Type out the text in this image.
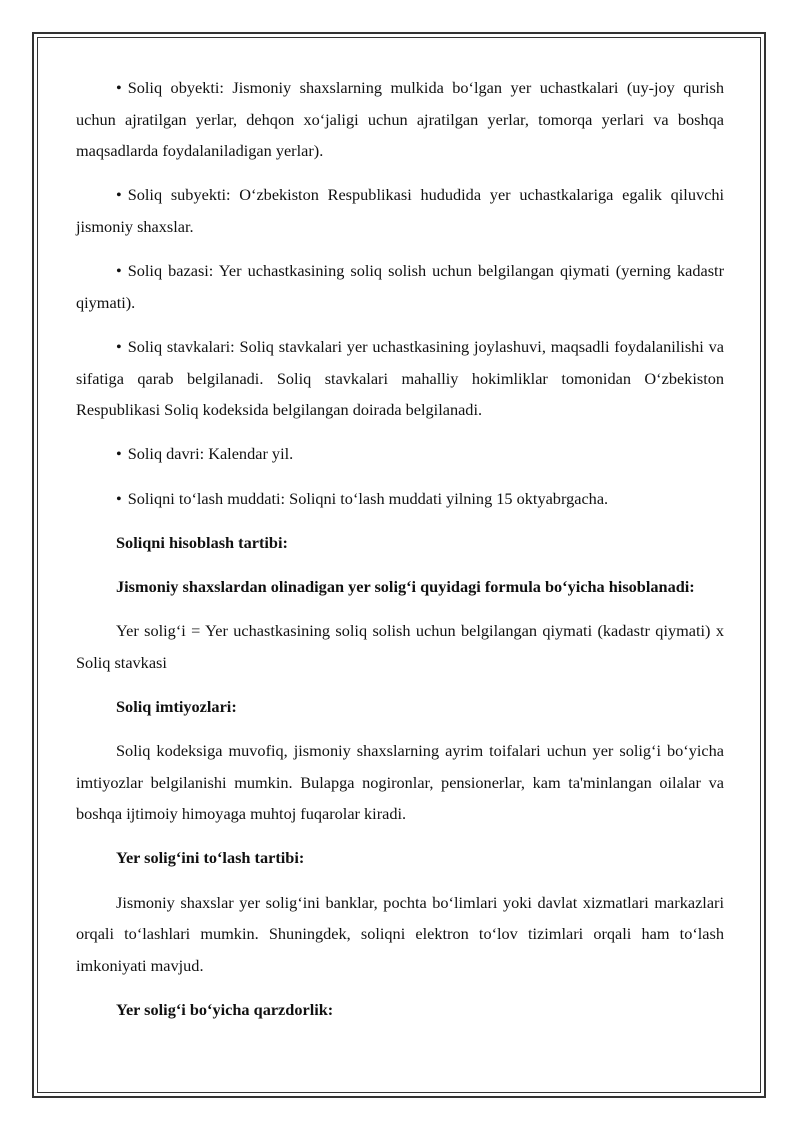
• Soliq obyekti: Jismoniy shaxslarning mulkida bo‘lgan yer uchastkalari (uy-joy qurish uchun ajratilgan yerlar, dehqon xo‘jaligi uchun ajratilgan yerlar, tomorqa yerlari va boshqa maqsadlarda foydalaniladigan yerlar).

• Soliq subyekti: O‘zbekiston Respublikasi hududida yer uchastkalariga egalik qiluvchi jismoniy shaxslar.

• Soliq bazasi: Yer uchastkasining soliq solish uchun belgilangan qiymati (yerning kadastr qiymati).

• Soliq stavkalari: Soliq stavkalari yer uchastkasining joylashuvi, maqsadli foydalanilishi va sifatiga qarab belgilanadi. Soliq stavkalari mahalliy hokimliklar tomonidan O‘zbekiston Respublikasi Soliq kodeksida belgilangan doirada belgilanadi.

• Soliq davri: Kalendar yil.

• Soliqni to‘lash muddati: Soliqni to‘lash muddati yilning 15 oktyabrgacha.

Soliqni hisoblash tartibi:

Jismoniy shaxslardan olinadigan yer solig‘i quyidagi formula bo‘yicha hisoblanadi:

Yer solig‘i = Yer uchastkasining soliq solish uchun belgilangan qiymati (kadastr qiymati) x Soliq stavkasi

Soliq imtiyozlari:

Soliq kodeksiga muvofiq, jismoniy shaxslarning ayrim toifalari uchun yer solig‘i bo‘yicha imtiyozlar belgilanishi mumkin. Bulарga nogironlar, pensionerlar, kam ta'minlangan oilalar va boshqa ijtimoiy himoyaga muhtoj fuqarolar kiradi.

Yer solig‘ini to‘lash tartibi:

Jismoniy shaxslar yer solig‘ini banklar, pochta bo‘limlari yoki davlat xizmatlari markazlari orqali to‘lashlari mumkin. Shuningdek, soliqni elektron to‘lov tizimlari orqali ham to‘lash imkoniyati mavjud.

Yer solig‘i bo‘yicha qarzdorlik:
